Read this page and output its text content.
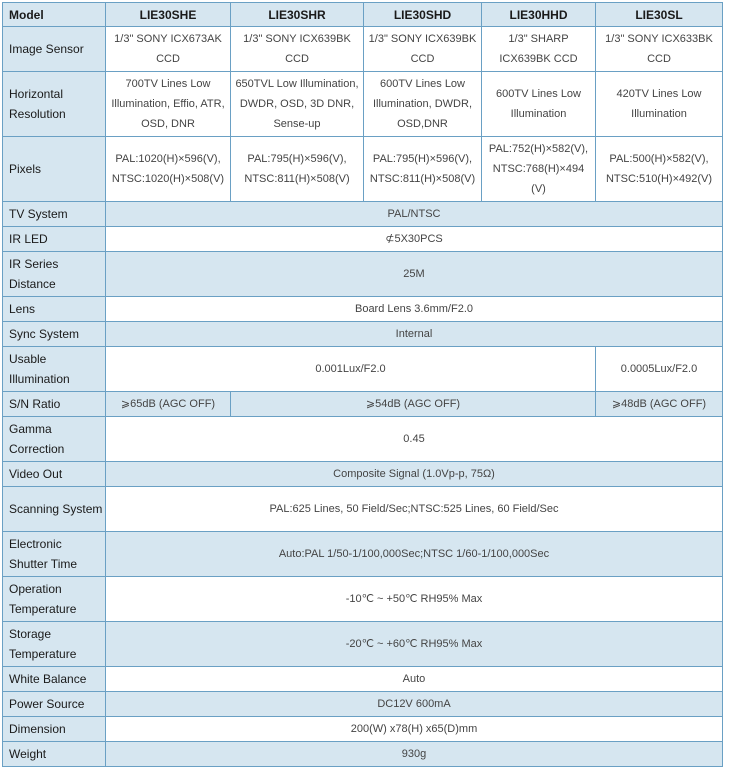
Model	LIE30SHE	LIE30SHR	LIE30SHD	LIE30HHD	LIE30SL
Image Sensor	1/3" SONY ICX673AK CCD	1/3" SONY ICX639BK CCD	1/3" SONY ICX639BK CCD	1/3" SHARP ICX639BK CCD	1/3" SONY ICX633BK CCD
Horizontal Resolution	700TV Lines Low Illumination, Effio, ATR, OSD, DNR	650TVL Low Illumination, DWDR, OSD, 3D DNR, Sense-up	600TV Lines Low Illumination, DWDR, OSD,DNR	600TV Lines Low Illumination	420TV Lines Low Illumination
Pixels	PAL:1020(H)×596(V), NTSC:1020(H)×508(V)	PAL:795(H)×596(V), NTSC:811(H)×508(V)	PAL:795(H)×596(V), NTSC:811(H)×508(V)	PAL:752(H)×582(V), NTSC:768(H)×494 (V)	PAL:500(H)×582(V), NTSC:510(H)×492(V)
TV System	PAL/NTSC				
IR LED	⊄5X30PCS				
IR Series Distance	25M				
Lens	Board Lens 3.6mm/F2.0				
Sync System	Internal				
Usable Illumination	0.001Lux/F2.0				0.0005Lux/F2.0
S/N Ratio	⩾65dB (AGC OFF)	⩾54dB (AGC OFF)			⩾48dB (AGC OFF)
Gamma Correction	0.45				
Video Out	Composite Signal (1.0Vp-p, 75Ω)				
Scanning System	PAL:625 Lines, 50 Field/Sec;NTSC:525 Lines, 60 Field/Sec				
Electronic Shutter Time	Auto:PAL 1/50-1/100,000Sec;NTSC 1/60-1/100,000Sec				
Operation Temperature	-10℃ ~ +50℃ RH95% Max				
Storage Temperature	-20℃ ~ +60℃ RH95% Max				
White Balance	Auto				
Power Source	DC12V 600mA				
Dimension	200(W) x78(H) x65(D)mm				
Weight	930g				
